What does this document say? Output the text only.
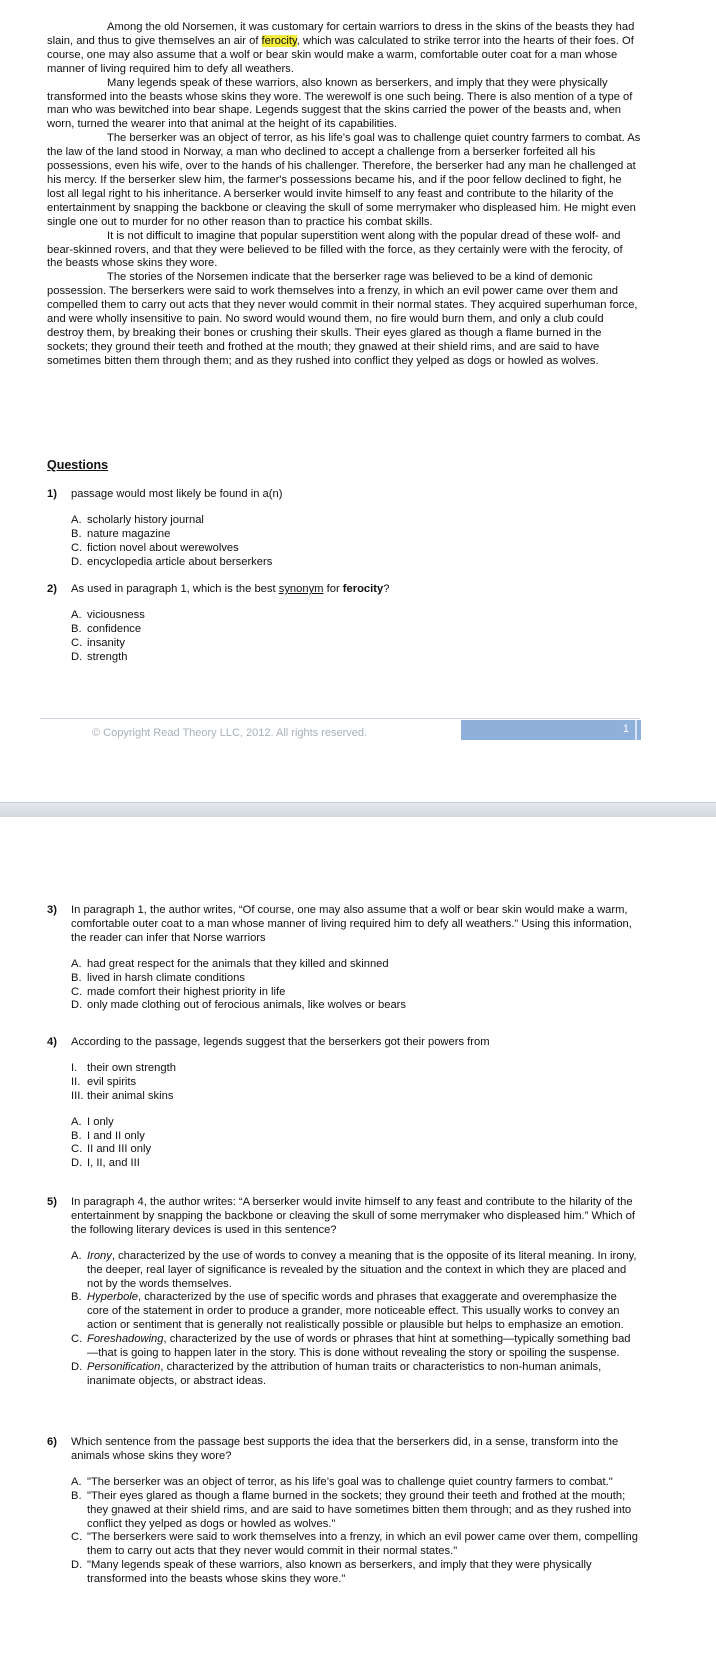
Among the old Norsemen, it was customary for certain warriors to dress in the skins of the beasts they had slain, and thus to give themselves an air of ferocity, which was calculated to strike terror into the hearts of their foes. Of course, one may also assume that a wolf or bear skin would make a warm, comfortable outer coat for a man whose manner of living required him to defy all weathers.

Many legends speak of these warriors, also known as berserkers, and imply that they were physically transformed into the beasts whose skins they wore. The werewolf is one such being. There is also mention of a type of man who was bewitched into bear shape. Legends suggest that the skins carried the power of the beasts and, when worn, turned the wearer into that animal at the height of its capabilities.

The berserker was an object of terror, as his life’s goal was to challenge quiet country farmers to combat. As the law of the land stood in Norway, a man who declined to accept a challenge from a berserker forfeited all his possessions, even his wife, over to the hands of his challenger. Therefore, the berserker had any man he challenged at his mercy. If the berserker slew him, the farmer's possessions became his, and if the poor fellow declined to fight, he lost all legal right to his inheritance. A berserker would invite himself to any feast and contribute to the hilarity of the entertainment by snapping the backbone or cleaving the skull of some merrymaker who displeased him. He might even single one out to murder for no other reason than to practice his combat skills.

It is not difficult to imagine that popular superstition went along with the popular dread of these wolf- and bear-skinned rovers, and that they were believed to be filled with the force, as they certainly were with the ferocity, of the beasts whose skins they wore.

The stories of the Norsemen indicate that the berserker rage was believed to be a kind of demonic possession. The berserkers were said to work themselves into a frenzy, in which an evil power came over them and compelled them to carry out acts that they never would commit in their normal states. They acquired superhuman force, and were wholly insensitive to pain. No sword would wound them, no fire would burn them, and only a club could destroy them, by breaking their bones or crushing their skulls. Their eyes glared as though a flame burned in the sockets; they ground their teeth and frothed at the mouth; they gnawed at their shield rims, and are said to have sometimes bitten them through them; and as they rushed into conflict they yelped as dogs or howled as wolves.

Questions
1)	passage would most likely be found in a(n)
A. scholarly history journal
B. nature magazine
C. fiction novel about werewolves
D. encyclopedia article about berserkers
2)	As used in paragraph 1, which is the best synonym for ferocity?
A. viciousness
B. confidence
C. insanity
D. strength
© Copyright Read Theory LLC, 2012. All rights reserved.	1
3)	In paragraph 1, the author writes, “Of course, one may also assume that a wolf or bear skin would make a warm, comfortable outer coat to a man whose manner of living required him to defy all weathers.” Using this information, the reader can infer that Norse warriors
A. had great respect for the animals that they killed and skinned
B. lived in harsh climate conditions
C. made comfort their highest priority in life
D. only made clothing out of ferocious animals, like wolves or bears
4)	According to the passage, legends suggest that the berserkers got their powers from
I. their own strength
II. evil spirits
III. their animal skins
A. I only
B. I and II only
C. II and III only
D. I, II, and III
5)	In paragraph 4, the author writes: “A berserker would invite himself to any feast and contribute to the hilarity of the entertainment by snapping the backbone or cleaving the skull of some merrymaker who displeased him.” Which of the following literary devices is used in this sentence?
A. Irony, characterized by the use of words to convey a meaning that is the opposite of its literal meaning. In irony, the deeper, real layer of significance is revealed by the situation and the context in which they are placed and not by the words themselves.
B. Hyperbole, characterized by the use of specific words and phrases that exaggerate and overemphasize the core of the statement in order to produce a grander, more noticeable effect. This usually works to convey an action or sentiment that is generally not realistically possible or plausible but helps to emphasize an emotion.
C. Foreshadowing, characterized by the use of words or phrases that hint at something—typically something bad—that is going to happen later in the story. This is done without revealing the story or spoiling the suspense.
D. Personification, characterized by the attribution of human traits or characteristics to non-human animals, inanimate objects, or abstract ideas.
6)	Which sentence from the passage best supports the idea that the berserkers did, in a sense, transform into the animals whose skins they wore?
A. "The berserker was an object of terror, as his life’s goal was to challenge quiet country farmers to combat."
B. "Their eyes glared as though a flame burned in the sockets; they ground their teeth and frothed at the mouth; they gnawed at their shield rims, and are said to have sometimes bitten them through; and as they rushed into conflict they yelped as dogs or howled as wolves."
C. "The berserkers were said to work themselves into a frenzy, in which an evil power came over them, compelling them to carry out acts that they never would commit in their normal states."
D. "Many legends speak of these warriors, also known as berserkers, and imply that they were physically transformed into the beasts whose skins they wore."
